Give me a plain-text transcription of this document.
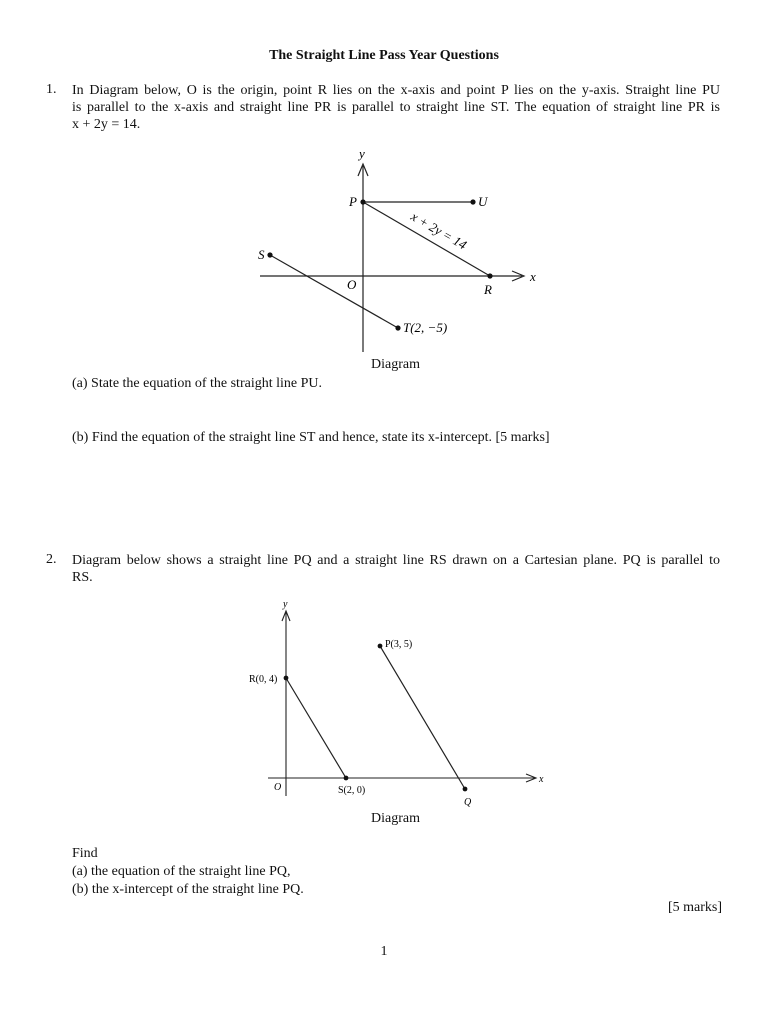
The Straight Line Pass Year Questions
1. In Diagram below, O is the origin, point R lies on the x-axis and point P lies on the y-axis. Straight line PU
is parallel to the x-axis and straight line PR is parallel to straight line ST. The equation of straight line PR is
x + 2y = 14.
y
x
O
P	U
R
S
T(2, −5)
x + 2y = 14
Diagram
(a) State the equation of the straight line PU.
(b) Find the equation of the straight line ST and hence, state its x-intercept. [5 marks]
2. Diagram below shows a straight line PQ and a straight line RS drawn on a Cartesian plane. PQ is parallel to
RS.
y
x
O
R(0, 4)
S(2, 0)
P(3, 5)
Q
Diagram
Find
(a) the equation of the straight line PQ,
(b) the x-intercept of the straight line PQ.
[5 marks]
1
